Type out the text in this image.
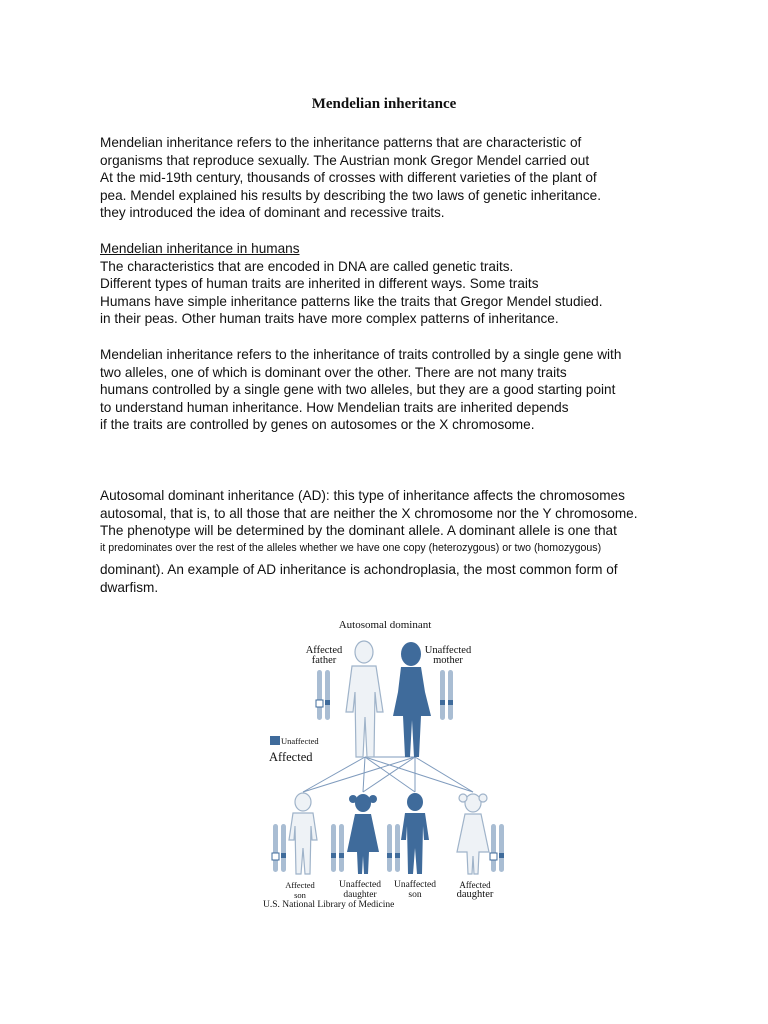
Mendelian inheritance
Mendelian inheritance refers to the inheritance patterns that are characteristic of
organisms that reproduce sexually. The Austrian monk Gregor Mendel carried out
At the mid-19th century, thousands of crosses with different varieties of the plant of
pea. Mendel explained his results by describing the two laws of genetic inheritance.
they introduced the idea of dominant and recessive traits.
Mendelian inheritance in humans
The characteristics that are encoded in DNA are called genetic traits.
Different types of human traits are inherited in different ways. Some traits
Humans have simple inheritance patterns like the traits that Gregor Mendel studied.
in their peas. Other human traits have more complex patterns of inheritance.
Mendelian inheritance refers to the inheritance of traits controlled by a single gene with
two alleles, one of which is dominant over the other. There are not many traits
humans controlled by a single gene with two alleles, but they are a good starting point
to understand human inheritance. How Mendelian traits are inherited depends
if the traits are controlled by genes on autosomes or the X chromosome.
Autosomal dominant inheritance (AD): this type of inheritance affects the chromosomes
autosomal, that is, to all those that are neither the X chromosome nor the Y chromosome.
The phenotype will be determined by the dominant allele. A dominant allele is one that
it predominates over the rest of the alleles whether we have one copy (heterozygous) or two (homozygous)
dominant). An example of AD inheritance is achondroplasia, the most common form of
dwarfism.
Autosomal dominant
Affected
father
Unaffected
mother
Unaffected
Affected
Affected
son
Unaffected
daughter
Unaffected
son
Affected
daughter
U.S. National Library of Medicine
